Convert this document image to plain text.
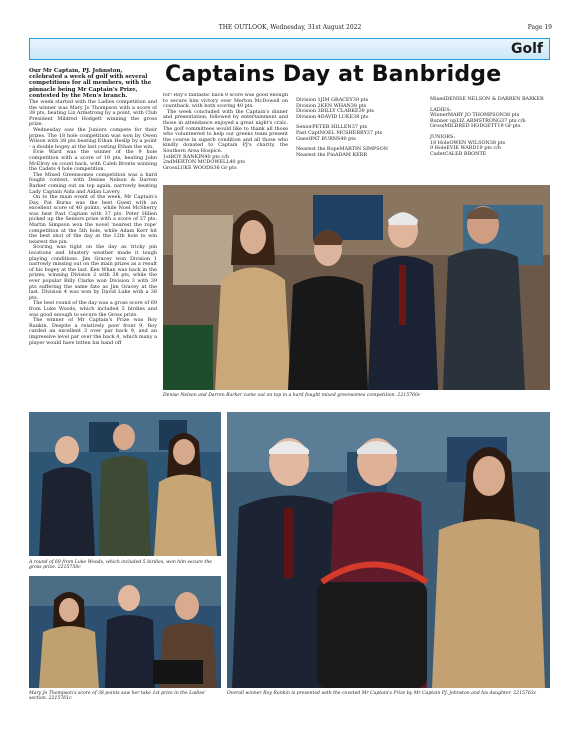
THE OUTLOOK, Wednesday, 31st August 2022	Page 19
Golf
Captains Day at Banbridge

Our Mr Captain, PJ. Johnston, celebrated a week of golf with several competitions for all members, with the pinnacle being Mr Captain's Prize, contested by the Men's branch.

The week started with the Ladies competition and the winner was Mary Jo Thompson with a score of 38 pts, beating Liz Armstrong by a point, with Club President Mildred Hodgett winning the gross prize.

Wednesday saw the Juniors compete for their prizes. The 18 hole competition was won by Owen Wilson with 38 pts beating Ethan Heslip by a point - a double bogey at the last costing Ethan the win.

Evie Ward was the winner of the 9 hole competition with a score of 19 pts, beating John McElroy on count back, with Caleb Bronte winning the Cadets 4 hole competition.

The Mixed Greensomes competition was a hard fought contest, with Denise Nelson & Darren Barker coming out on top again, narrowly beating Lady Captain Aida and Aidan Lavery.

On to the main event of the week, Mr Captain's Day. Pat Burns was the best Guest with an excellent score of 40 points, while Noel McSherry was best Past Captain with 37 pts. Peter Hillen picked up the Seniors prize with a score of 37 pts. Martin Simpson won the novel 'nearest the rope' competition at the 5th hole, while Adam Kerr hit the best shot of the day at the 12th hole to win nearest the pin.

Scoring was tight on the day as tricky pin locations and blustery weather made it tough playing conditions. Jim Gracey won Division 1 narrowly missing out on the main prizes as a result of his bogey at the last. Ken Whan was back in the prizes, winning Division 2 with 38 pts, while the ever popular Billy Clarke won Division 3 with 39 pts suffering the same fate as Jim Gracey at the last. Division 4 was won by David Luke with a 38 pts.

The best round of the day was a gross score of 69 from Luke Woods, which included 5 birdies and was good enough to secure the Gross prize.

The winner of Mr Captain's Prize was Roy Rankin. Despite a relatively poor front 9, Roy carded an excellent 3 over par back 9, and an impressive level par over the back 4, which many a player would have bitten his hand off

for! Roy's fantastic back 9 score was good enough to secure him victory over Merton McDowell on countback, with both scoring 40 pts.

The week concluded with the Captain's dinner and presentation, followed by entertainment and those in attendance enjoyed a great night's craic. The golf committees would like to thank all those who volunteered to help our greens team present the course in superb condition and all those who kindly donated to Captain PJ's charity, the Southern Area Hospice.

1stROY RANKIN40 pts c/b
2ndMERTON MCDOWELL40 pts
GrossLUKE WOODS36 Gr pts
Division 1JIM GRACEY39 pts
Division 2KEN WHAN38 pts
Division 3BILLY CLARKE39 pts
Division 4DAVID LUKE38 pts
SeniorPETER HILLEN37 pts
Past CaptNOEL MCSHERRY37 pts
GuestPAT BURNS40 pts
Nearest the RopeMARTIN SIMPSON
Nearest the PinADAM KERR
MixedDENISE NELSON & DARREN BARKER
LADIES:
WinnerMARY JO THOMPSON38 pts
Runner upLIZ ARMSTRONG37 pts c/b
GrossMILDRED HODGETT19 Gr pts
JUNIORS:
18 HoleOWEN WILSON38 pts
9 HoleEVIE WARD19 pts c/b
CadetCALEB BRONTE
Denise Nelson and Darren Barker came out on top in a hard fought mixed greensomes competition. 2215760c
A round of 69 from Luke Woods, which included 5 birdies, won him secure the gross prize. 2215758c
Mary Jo Thompson's score of 38 points saw her take 1st prize in the Ladies' section. 2215761c
Overall winner Roy Rankin is presented with the coveted Mr Captain's Prize by Mr Captain PJ. Johnston and his daughter. 2215763c
